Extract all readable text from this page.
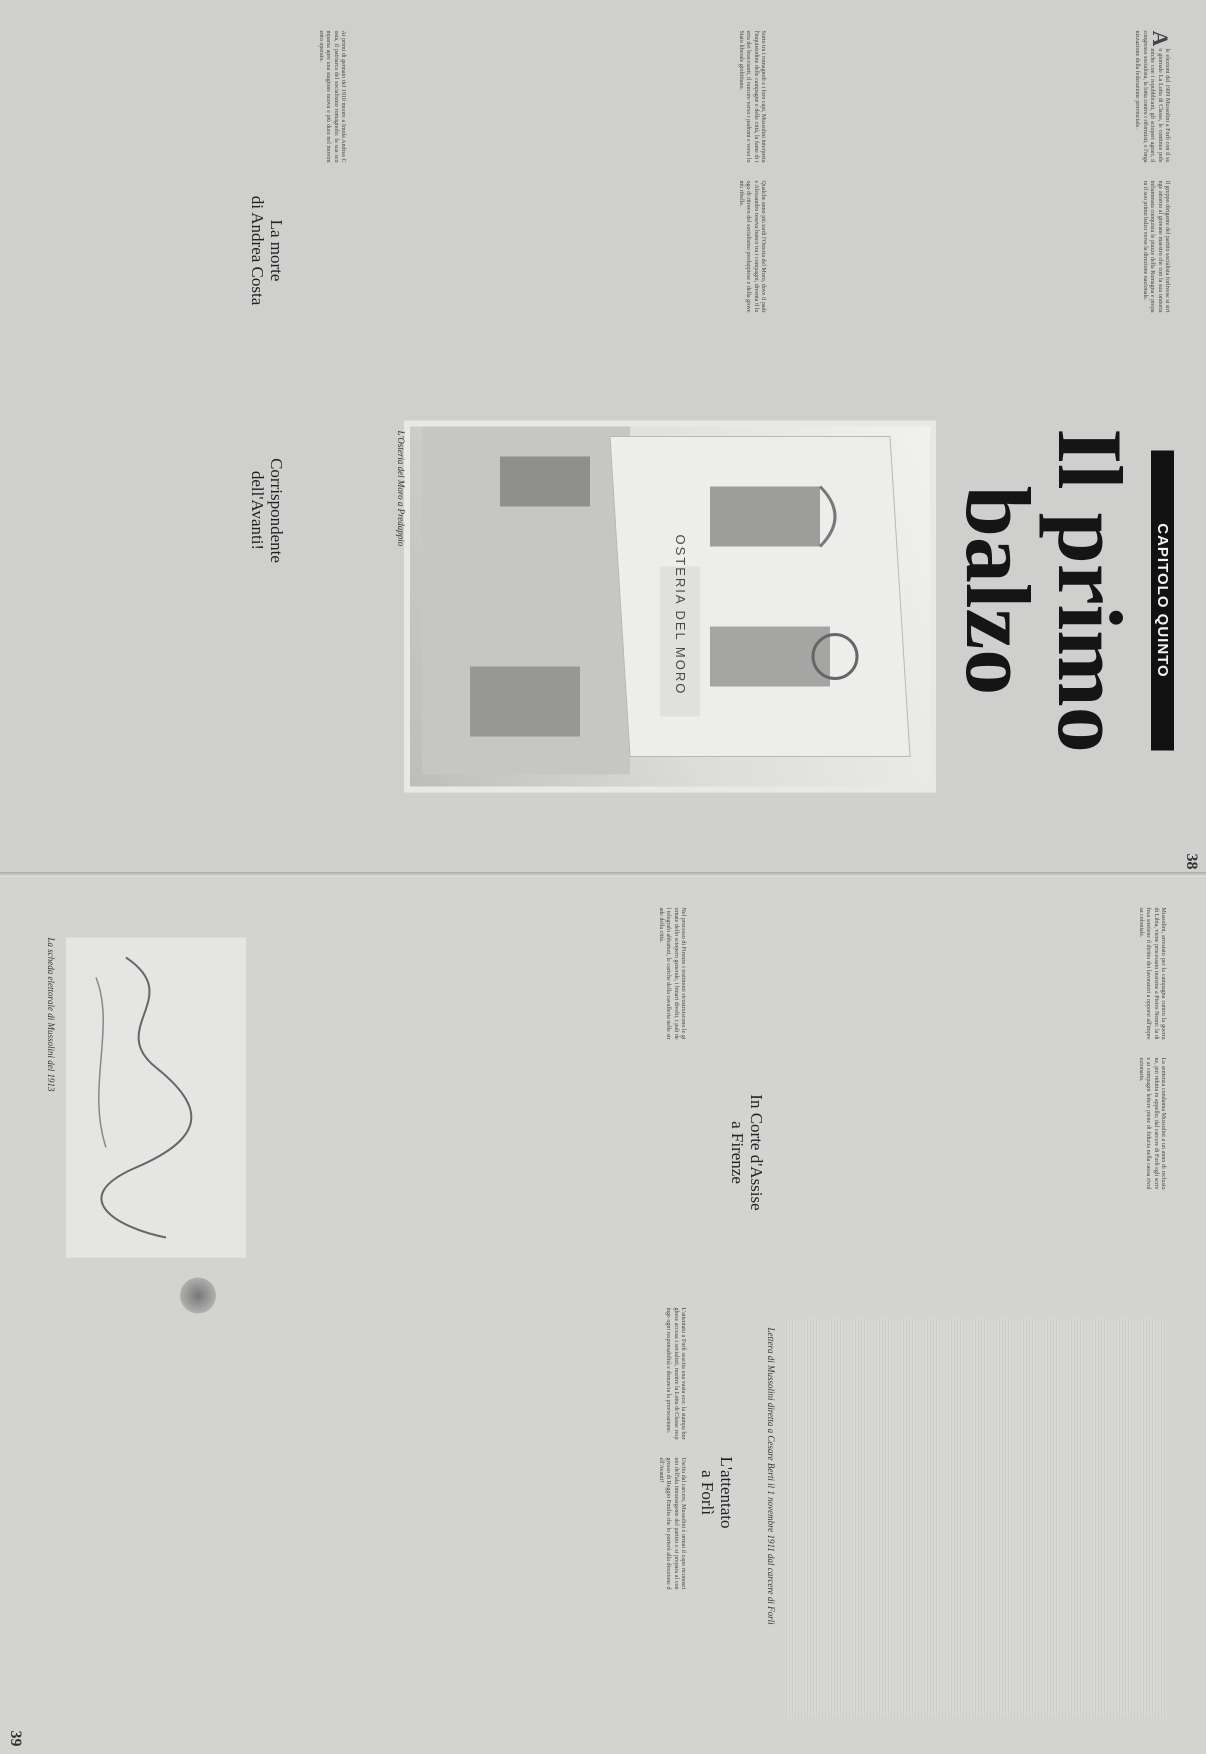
38
CAPITOLO QUINTO
Il primo
balzo
OSTERIA DEL MORO
L'Osteria del Moro a Predappio
A
le elezioni del 1909 Mussolini a Forlì con il suo giornale La Lotta di Classe, le continue polemiche con i repubblicani, gli scioperi agrari, il congresso socialista, la lotta contro i riformisti, e l'organizzazione della federazione provinciale.
Il gruppo dirigente del partito socialista forlivese si stringe attorno al giovane maestro che con la sua oratoria infiammata conquista le piazze della Romagna e prepara il suo primo balzo verso la direzione nazionale.
Sorto tra i romagnoli e i loro capi, Mussolini interpreta l'inquietudine delle campagne e delle città, la fame di terra dei braccianti, il rancore verso i padroni e verso lo Stato liberale giolittiano.
Qualche anno più tardi l'Osteria del Moro, dove il padre Alessandro teneva banco tra i compagni, diventa il luogo di ritrovo del socialismo predappiese e della gioventù ribelle.
Ai primi di gennaio del 1910 muore a Imola Andrea Costa, il patriarca del socialismo romagnolo: la sua scomparsa apre una stagione nuova e più dura nel movimento operaio.
La morte
di Andrea Costa
Corrispondente
dell'Avanti!
39
Lettera di Mussolini diretta a Cesare Berti il 1 novembre 1911 dal carcere di Forlì
In Corte d'Assise
a Firenze
L'attentato
a Forlì
Mussolini, arrestato per la campagna contro la guerra di Libia, viene processato insieme a Pietro Nenni: la difesa sostiene il diritto dei lavoratori a opporsi all'impresa coloniale.
La sentenza condanna Mussolini a un anno di reclusione, poi ridotta in appello; dal carcere di Forlì egli scrive ai compagni lettere piene di fiducia nella causa rivoluzionaria.
Nel processo di Firenze i testimoni ricostruiscono le giornate dello sciopero generale, i binari divelti, i pali del telegrafo abbattuti, le cariche della cavalleria nelle strade della città.
L'attentato a Forlì suscita una vasta eco: la stampa borghese accusa i socialisti, mentre la Lotta di Classe respinge ogni responsabilità e denuncia la provocazione.
Uscito dal carcere, Mussolini è ormai il capo riconosciuto dell'ala intransigente del partito e si prepara al congresso di Reggio Emilia che lo porterà alla direzione dell'Avanti!
La scheda elettorale di Mussolini del 1913
